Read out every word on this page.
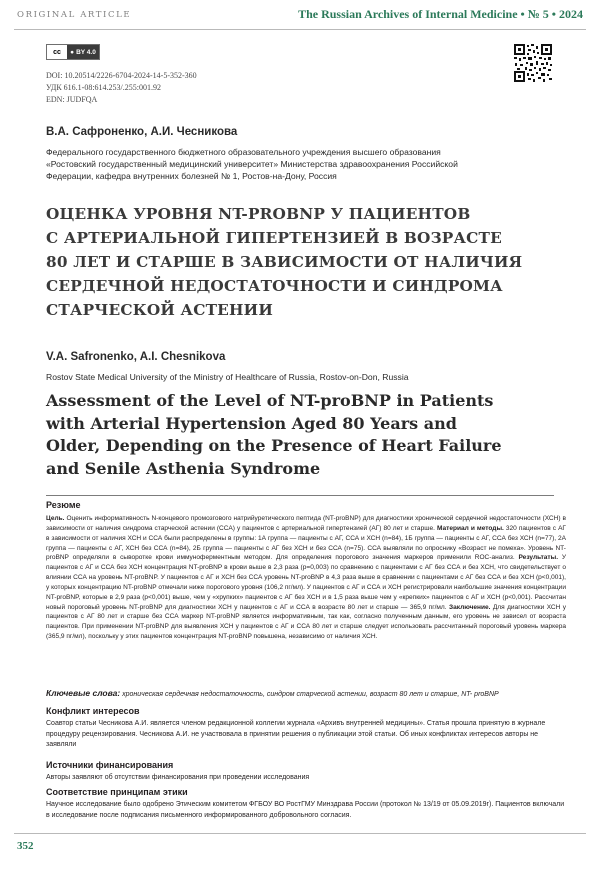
ORIGINAL ARTICLE	The Russian Archives of Internal Medicine • № 5 • 2024
cc	● BY 4.0
DOI: 10.20514/2226-6704-2024-14-5-352-360
УДК 616.1-08:614.253/.255:001.92
EDN: JUDFQA
В.А. Сафроненко, А.И. Чесникова
Федерального государственного бюджетного образовательного учреждения высшего образования «Ростовский государственный медицинский университет» Министерства здравоохранения Российской Федерации, кафедра внутренних болезней № 1, Ростов-на-Дону, Россия
ОЦЕНКА УРОВНЯ NT-PROBNP У ПАЦИЕНТОВ
С АРТЕРИАЛЬНОЙ ГИПЕРТЕНЗИЕЙ В ВОЗРАСТЕ
80 ЛЕТ И СТАРШЕ В ЗАВИСИМОСТИ ОТ НАЛИЧИЯ
СЕРДЕЧНОЙ НЕДОСТАТОЧНОСТИ И СИНДРОМА
СТАРЧЕСКОЙ АСТЕНИИ
V.A. Safronenko, A.I. Chesnikova
Rostov State Medical University of the Ministry of Healthcare of Russia, Rostov-on-Don, Russia
Assessment of the Level of NT-proBNP in Patients
with Arterial Hypertension Aged 80 Years and
Older, Depending on the Presence of Heart Failure
and Senile Asthenia Syndrome
Резюме
Цель. Оценить информативность N-концевого промозгового натрийуретического пептида (NT-proBNP) для диагностики хронической сердечной недостаточности (ХСН) в зависимости от наличия синдрома старческой астении (ССА) у пациентов с артериальной гипертензией (АГ) 80 лет и старше. Материал и методы. 320 пациентов с АГ в зависимости от наличия ХСН и ССА были распределены в группы: 1А группа — пациенты с АГ, ССА и ХСН (n=84), 1Б группа — пациенты с АГ, ССА без ХСН (n=77), 2А группа — пациенты с АГ, ХСН без ССА (n=84), 2Б группа — пациенты с АГ без ХСН и без ССА (n=75). ССА выявляли по опроснику «Возраст не помеха». Уровень NT-proBNP определяли в сыворотке крови иммуноферментным методом. Для определения порогового значения маркеров применили ROC-анализ. Результаты. У пациентов с АГ и ССА без ХСН концентрация NT-proBNP в крови выше в 2,3 раза (p=0,003) по сравнению с пациентами с АГ без ССА и без ХСН, что свидетельствует о влиянии ССА на уровень NT-proBNP. У пациентов с АГ и ХСН без ССА уровень NT-proBNP в 4,3 раза выше в сравнении с пациентами с АГ без ССА и без ХСН (p<0,001), у которых концентрацию NT-proBNP отмечали ниже порогового уровня (106,2 пг/мл). У пациентов с АГ и ССА и ХСН регистрировали наибольшие значения концентрации NT-proBNP, которые в 2,9 раза (p<0,001) выше, чем у «хрупких» пациентов с АГ без ХСН и в 1,5 раза выше чем у «крепких» пациентов с АГ и ХСН (p<0,001). Рассчитан новый пороговый уровень NT-proBNP для диагностики ХСН у пациентов с АГ и ССА в возрасте 80 лет и старше — 365,9 пг/мл. Заключение. Для диагностики ХСН у пациентов с АГ 80 лет и старше без ССА маркер NT-proBNP является информативным, так как, согласно полученным данным, его уровень не зависел от возраста пациентов. При применении NT-proBNP для выявления ХСН у пациентов с АГ и ССА 80 лет и старше следует использовать рассчитанный пороговый уровень маркера (365,9 пг/мл), поскольку у этих пациентов концентрация NT-proBNP повышена, независимо от наличия ХСН.
Ключевые слова: хроническая сердечная недостаточность, синдром старческой астении, возраст 80 лет и старше, NT- proBNP
Конфликт интересов
Соавтор статьи Чесникова А.И. является членом редакционной коллегии журнала «Архивъ внутренней медицины». Статья прошла принятую в журнале процедуру рецензирования. Чесникова А.И. не участвовала в принятии решения о публикации этой статьи. Об иных конфликтах интересов авторы не заявляли
Источники финансирования
Авторы заявляют об отсутствии финансирования при проведении исследования
Соответствие принципам этики
Научное исследование было одобрено Этическим комитетом ФГБОУ ВО РостГМУ Минздрава России (протокол № 13/19 от 05.09.2019г). Пациентов включали в исследование после подписания письменного информированного добровольного согласия.
352
